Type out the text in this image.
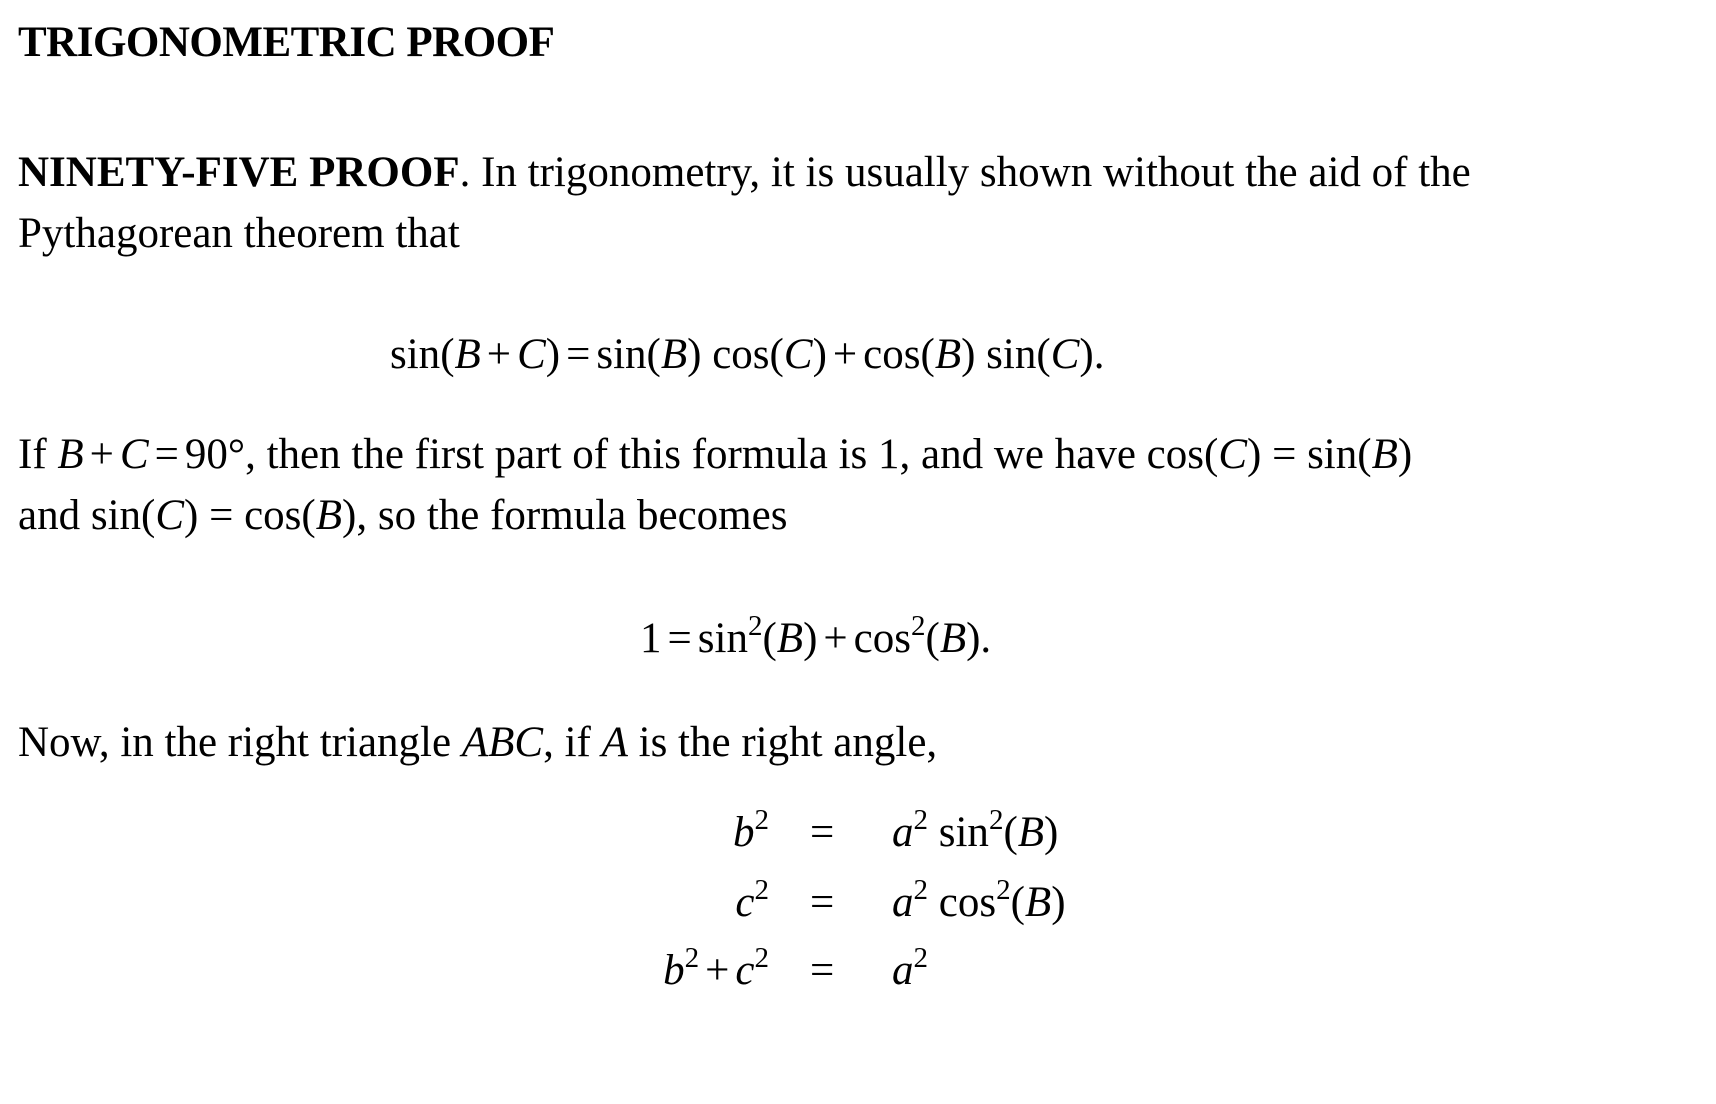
TRIGONOMETRIC PROOF
NINETY-FIVE PROOF. In trigonometry, it is usually shown without the aid of the
Pythagorean theorem that
sin(B + C) = sin(B) cos(C) + cos(B) sin(C).
If B + C = 90°, then the first part of this formula is 1, and we have cos(C) = sin(B)
and sin(C) = cos(B), so the formula becomes
$1 = \sin^2(B) + \cos^2(B)$.
Now, in the right triangle ABC, if A is the right angle,
$b^2 = a^2$ $\sin^2(B)$
$c^2 = a^2$ $\cos^2(B)$
$b^2 + c^2 = a^2$
